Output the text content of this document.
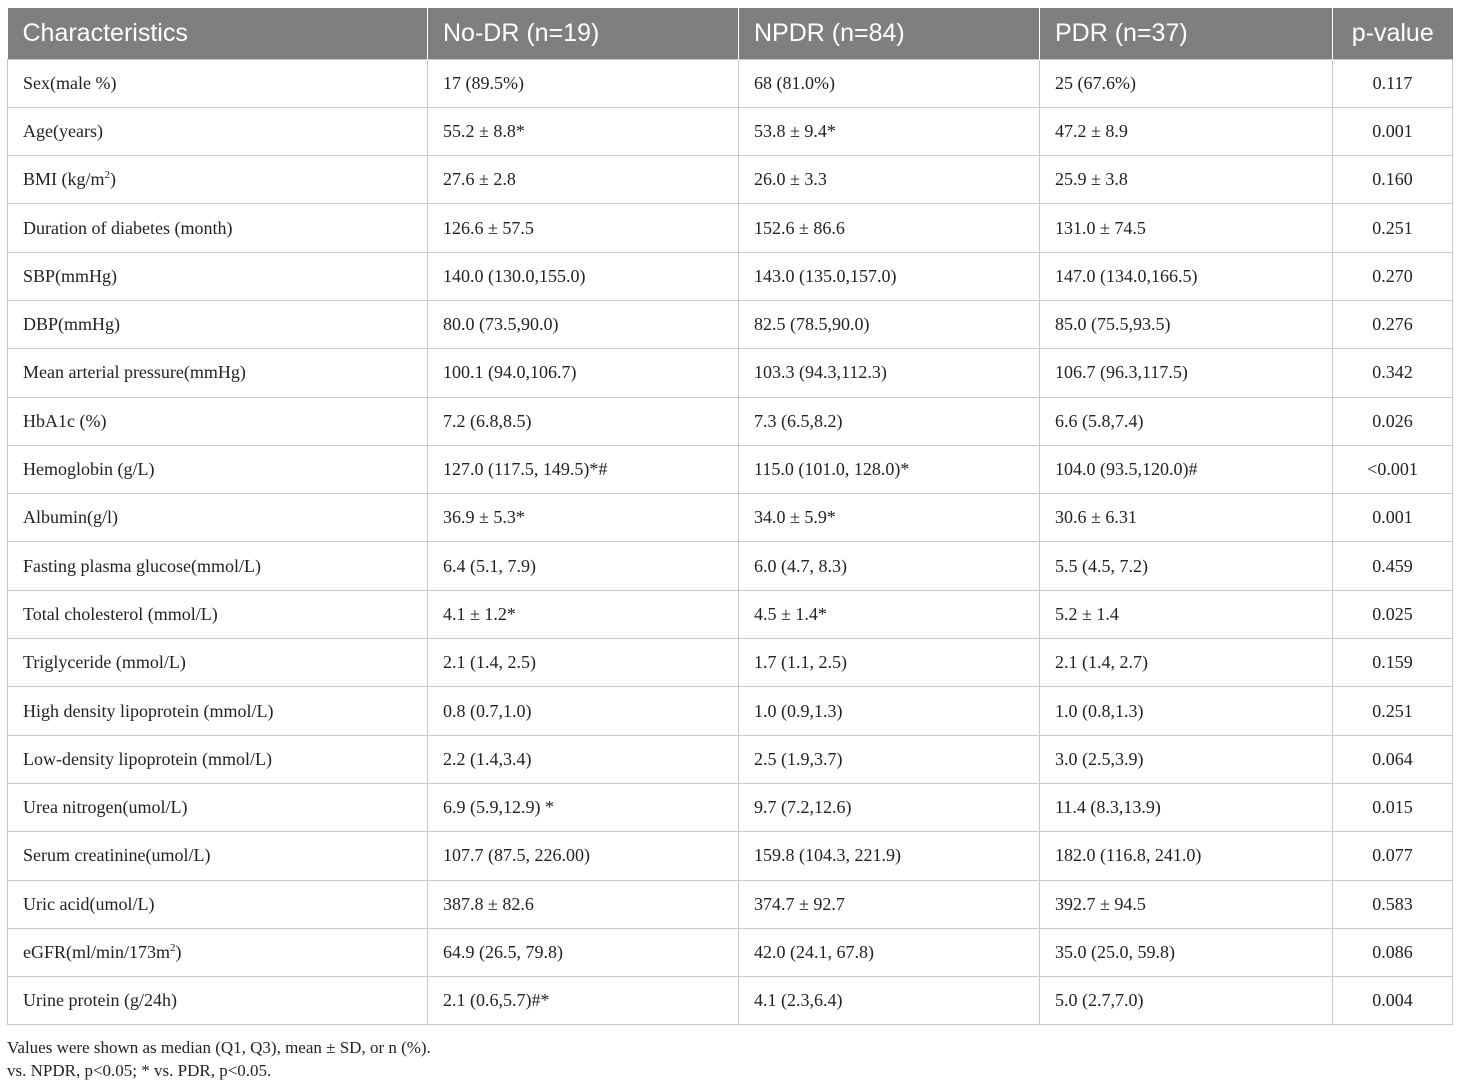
Characteristics	No-DR (n=19)	NPDR (n=84)	PDR (n=37)	p-value
Sex(male %)	17 (89.5%)	68 (81.0%)	25 (67.6%)	0.117
Age(years)	55.2 ± 8.8*	53.8 ± 9.4*	47.2 ± 8.9	0.001
BMI $(kg/m^2)$	27.6 ± 2.8	26.0 ± 3.3	25.9 ± 3.8	0.160
Duration of diabetes (month)	126.6 ± 57.5	152.6 ± 86.6	131.0 ± 74.5	0.251
SBP(mmHg)	140.0 (130.0,155.0)	143.0 (135.0,157.0)	147.0 (134.0,166.5)	0.270
DBP(mmHg)	80.0 (73.5,90.0)	82.5 (78.5,90.0)	85.0 (75.5,93.5)	0.276
Mean arterial pressure(mmHg)	100.1 (94.0,106.7)	103.3 (94.3,112.3)	106.7 (96.3,117.5)	0.342
HbA1c (%)	7.2 (6.8,8.5)	7.3 (6.5,8.2)	6.6 (5.8,7.4)	0.026
Hemoglobin (g/L)	127.0 (117.5, 149.5)*#	115.0 (101.0, 128.0)*	104.0 (93.5,120.0)#	<0.001
Albumin(g/l)	36.9 ± 5.3*	34.0 ± 5.9*	30.6 ± 6.31	0.001
Fasting plasma glucose(mmol/L)	6.4 (5.1, 7.9)	6.0 (4.7, 8.3)	5.5 (4.5, 7.2)	0.459
Total cholesterol (mmol/L)	4.1 ± 1.2*	4.5 ± 1.4*	5.2 ± 1.4	0.025
Triglyceride (mmol/L)	2.1 (1.4, 2.5)	1.7 (1.1, 2.5)	2.1 (1.4, 2.7)	0.159
High density lipoprotein (mmol/L)	0.8 (0.7,1.0)	1.0 (0.9,1.3)	1.0 (0.8,1.3)	0.251
Low-density lipoprotein (mmol/L)	2.2 (1.4,3.4)	2.5 (1.9,3.7)	3.0 (2.5,3.9)	0.064
Urea nitrogen(umol/L)	6.9 (5.9,12.9) *	9.7 (7.2,12.6)	11.4 (8.3,13.9)	0.015
Serum creatinine(umol/L)	107.7 (87.5, 226.00)	159.8 (104.3, 221.9)	182.0 (116.8, 241.0)	0.077
Uric acid(umol/L)	387.8 ± 82.6	374.7 ± 92.7	392.7 ± 94.5	0.583
$eGFR(ml/\min/173m^2)$	64.9 (26.5, 79.8)	42.0 (24.1, 67.8)	35.0 (25.0, 59.8)	0.086
Urine protein (g/24h)	2.1 (0.6,5.7)#*	4.1 (2.3,6.4)	5.0 (2.7,7.0)	0.004
Values were shown as median (Q1, Q3), mean ± SD, or n (%).
vs. NPDR, p<0.05; * vs. PDR, p<0.05.
